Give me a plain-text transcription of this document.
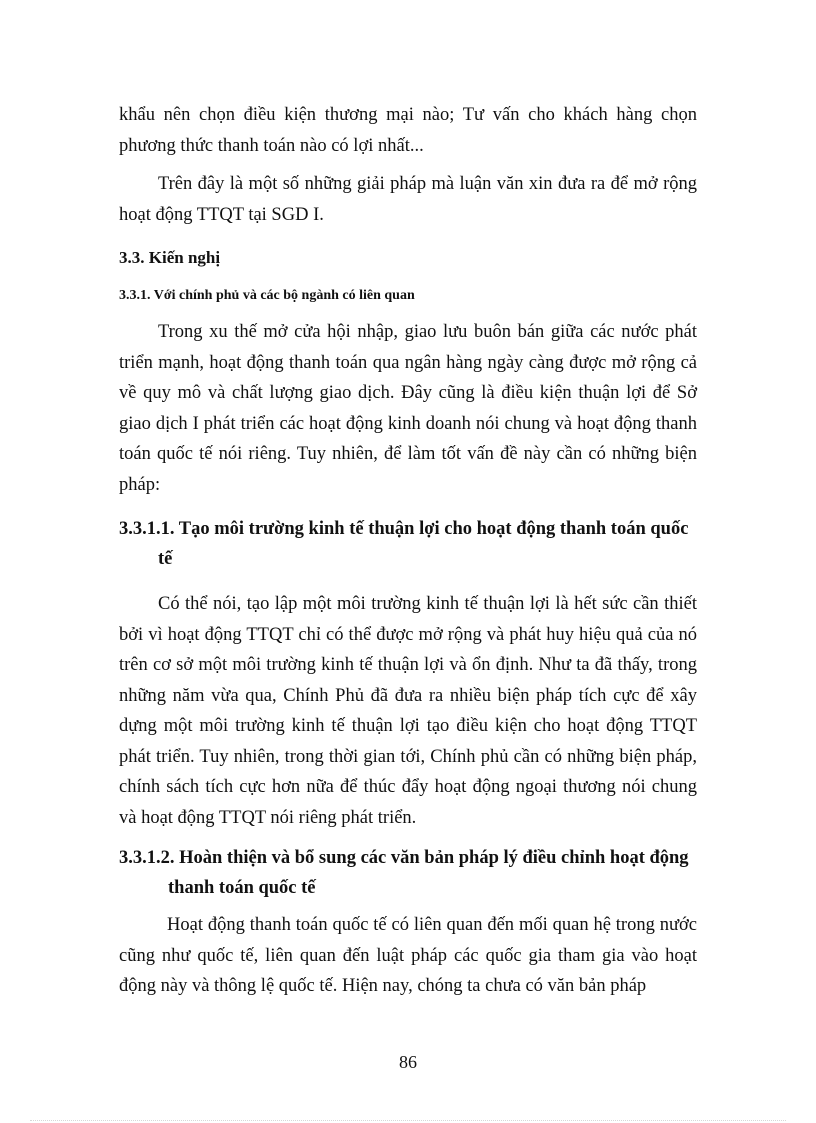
khẩu nên chọn điều kiện thương mại nào; Tư vấn cho khách hàng chọn phương thức thanh toán nào có lợi nhất...

Trên đây là một số những giải pháp mà luận văn xin đưa ra để mở rộng hoạt động TTQT tại SGD I.

3.3. Kiến nghị
3.3.1. Với chính phủ và các bộ ngành có liên quan

Trong xu thế mở cửa hội nhập, giao lưu buôn bán giữa các nước phát triển mạnh, hoạt động thanh toán qua ngân hàng ngày càng được mở rộng cả về quy mô và chất lượng giao dịch. Đây cũng là điều kiện thuận lợi để Sở giao dịch I phát triển các hoạt động kinh doanh nói chung và hoạt động thanh toán quốc tế nói riêng. Tuy nhiên, để làm tốt vấn đề này cần có những biện pháp:

3.3.1.1. Tạo môi trường kinh tế thuận lợi cho hoạt động thanh toán quốc
tế

Có thể nói, tạo lập một môi trường kinh tế thuận lợi là hết sức cần thiết bởi vì hoạt động TTQT chỉ có thể được mở rộng và phát huy hiệu quả của nó trên cơ sở một môi trường kinh tế thuận lợi và ổn định. Như ta đã thấy, trong những năm vừa qua, Chính Phủ đã đưa ra nhiều biện pháp tích cực để xây dựng một môi trường kinh tế thuận lợi tạo điều kiện cho hoạt động TTQT phát triển. Tuy nhiên, trong thời gian tới, Chính phủ cần có những biện pháp, chính sách tích cực hơn nữa để thúc đẩy hoạt động ngoại thương nói chung và hoạt động TTQT nói riêng phát triển.

3.3.1.2. Hoàn thiện và bổ sung các văn bản pháp lý điều chỉnh hoạt động
thanh toán quốc tế

Hoạt động thanh toán quốc tế có liên quan đến mối quan hệ trong nước cũng như quốc tế, liên quan đến luật pháp các quốc gia tham gia vào hoạt động này và thông lệ quốc tế. Hiện nay, chóng ta chưa có văn bản pháp

86
